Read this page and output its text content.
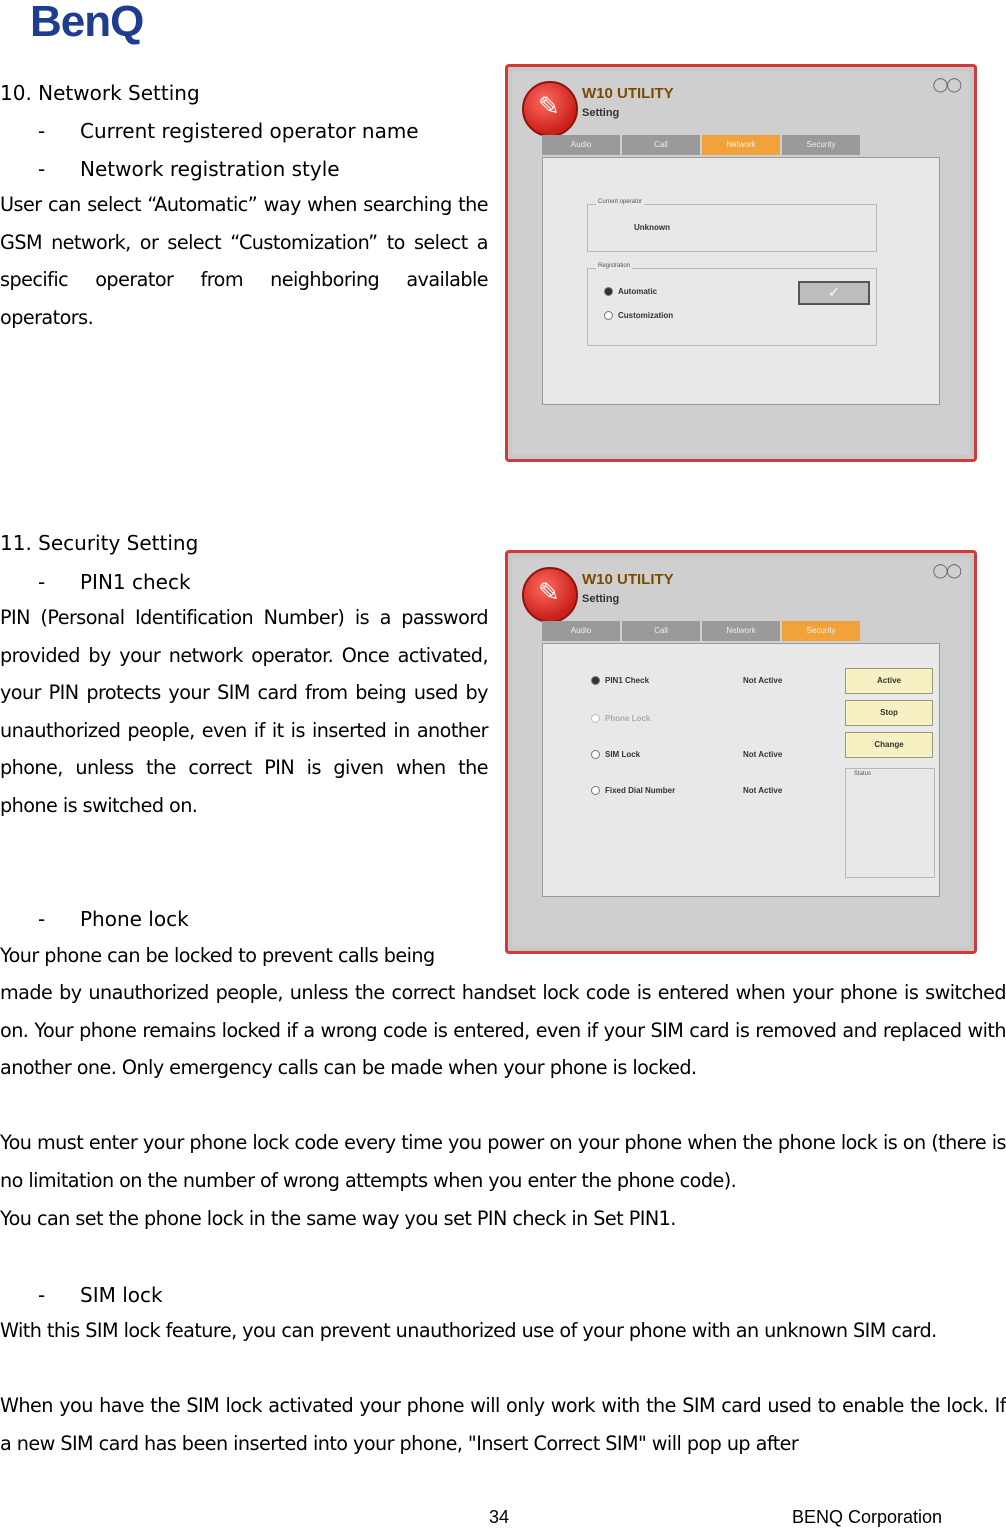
BenQ
10. Network Setting
- Current registered operator name
- Network registration style

User can select “Automatic” way when searching the GSM network, or select “Customization” to select a specific operator from neighboring available operators.

✎
W10 UTILITY
Setting
◯◯
Audio	Call	Network	Security
Current operator
Unknown
Registration
Automatic
Customization
✓
11. Security Setting
- PIN1 check

PIN (Personal Identification Number) is a password provided by your network operator. Once activated, your PIN protects your SIM card from being used by unauthorized people, even if it is inserted in another phone, unless the correct PIN is given when the phone is switched on.

- Phone lock
Your phone can be locked to prevent calls being

made by unauthorized people, unless the correct handset lock code is entered when your phone is switched on. Your phone remains locked if a wrong code is entered, even if your SIM card is removed and replaced with another one. Only emergency calls can be made when your phone is locked.

You must enter your phone lock code every time you power on your phone when the phone lock is on (there is no limitation on the number of wrong attempts when you enter the phone code).

You can set the phone lock in the same way you set PIN check in Set PIN1.

- SIM lock

With this SIM lock feature, you can prevent unauthorized use of your phone with an unknown SIM card.

When you have the SIM lock activated your phone will only work with the SIM card used to enable the lock. If a new SIM card has been inserted into your phone, "Insert Correct SIM" will pop up after

✎
W10 UTILITY
Setting
◯◯
Audio	Call	Network	Security
PIN1 Check	Not Active
Phone Lock
SIM Lock	Not Active
Fixed Dial Number	Not Active
Active
Stop
Change
Status
34	BENQ Corporation
